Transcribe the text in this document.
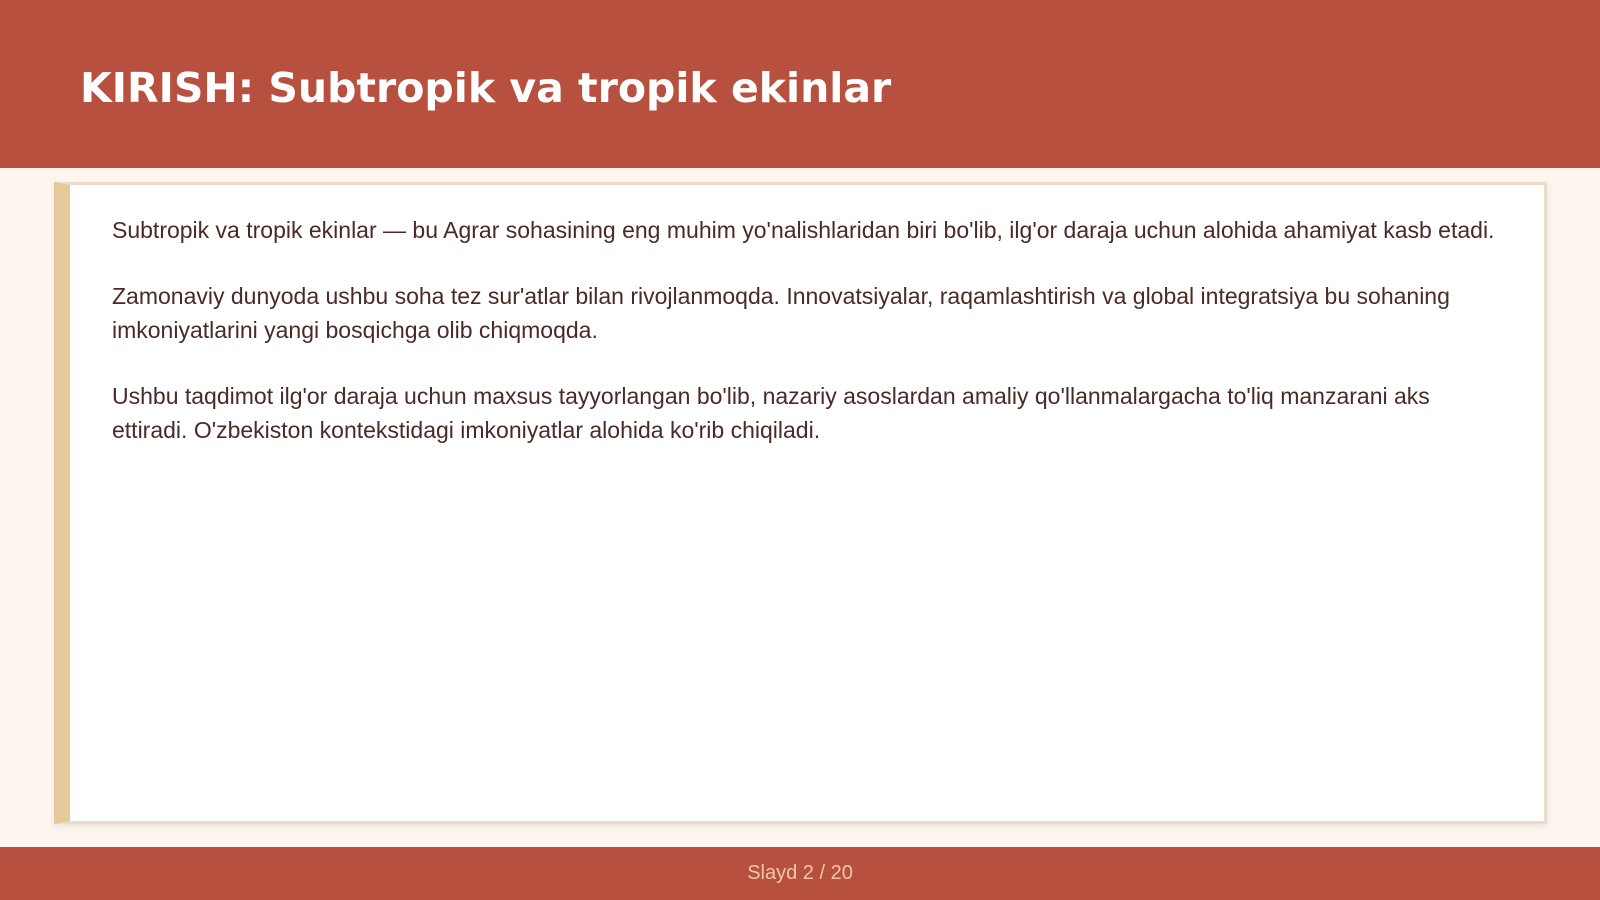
KIRISH: Subtropik va tropik ekinlar

Subtropik va tropik ekinlar — bu Agrar sohasining eng muhim yo'nalishlaridan biri bo'lib, ilg'or daraja uchun alohida ahamiyat kasb etadi.

Zamonaviy dunyoda ushbu soha tez sur'atlar bilan rivojlanmoqda. Innovatsiyalar, raqamlashtirish va global integratsiya bu sohaning imkoniyatlarini yangi bosqichga olib chiqmoqda.

Ushbu taqdimot ilg'or daraja uchun maxsus tayyorlangan bo'lib, nazariy asoslardan amaliy qo'llanmalargacha to'liq manzarani aks ettiradi. O'zbekiston kontekstidagi imkoniyatlar alohida ko'rib chiqiladi.

Slayd 2 / 20
